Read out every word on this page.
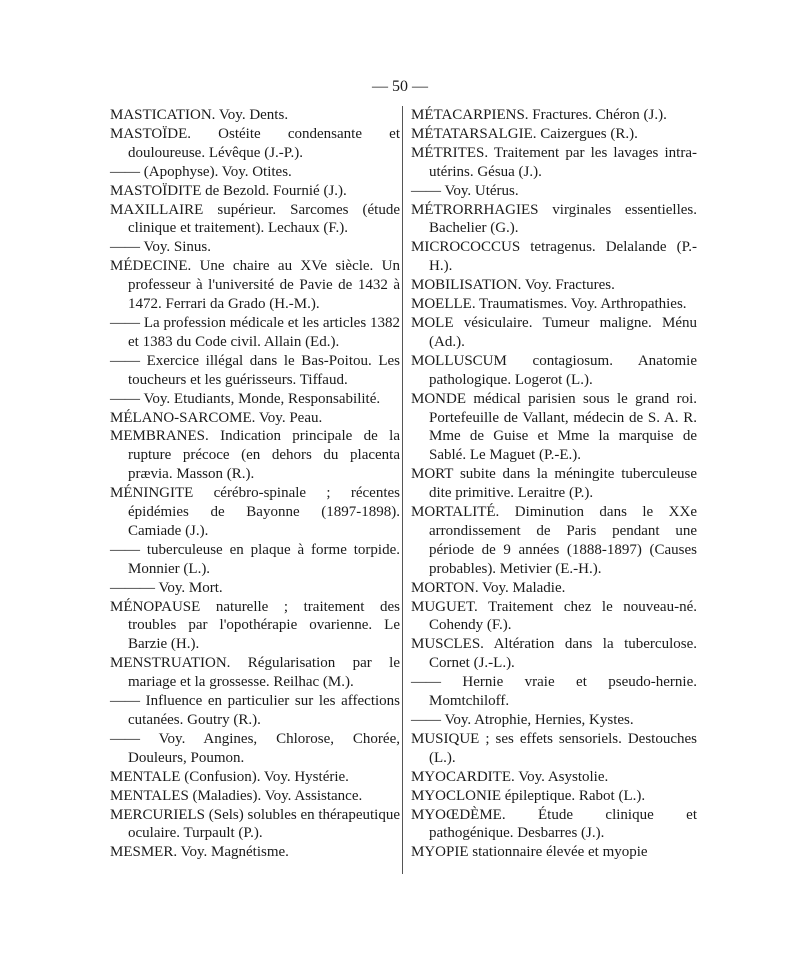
— 50 —
MASTICATION. Voy. Dents.
MASTOÏDE. Ostéite condensante et douloureuse. Lévêque (J.-P.).
—— (Apophyse). Voy. Otites.
MASTOÏDITE de Bezold. Fournié (J.).
MAXILLAIRE supérieur. Sarcomes (étude clinique et traitement). Lechaux (F.).
—— Voy. Sinus.
MÉDECINE. Une chaire au XVe siècle. Un professeur à l'université de Pavie de 1432 à 1472. Ferrari da Grado (H.-M.).
—— La profession médicale et les articles 1382 et 1383 du Code civil. Allain (Ed.).
—— Exercice illégal dans le Bas-Poitou. Les toucheurs et les guérisseurs. Tiffaud.
—— Voy. Etudiants, Monde, Responsabilité.
MÉLANO-SARCOME. Voy. Peau.
MEMBRANES. Indication principale de la rupture précoce (en dehors du placenta prævia. Masson (R.).
MÉNINGITE cérébro-spinale ; récentes épidémies de Bayonne (1897-1898). Camiade (J.).
—— tuberculeuse en plaque à forme torpide. Monnier (L.).
——— Voy. Mort.
MÉNOPAUSE naturelle ; traitement des troubles par l'opothérapie ovarienne. Le Barzie (H.).
MENSTRUATION. Régularisation par le mariage et la grossesse. Reilhac (M.).
—— Influence en particulier sur les affections cutanées. Goutry (R.).
—— Voy. Angines, Chlorose, Chorée, Douleurs, Poumon.
MENTALE (Confusion). Voy. Hystérie.
MENTALES (Maladies). Voy. Assistance.
MERCURIELS (Sels) solubles en thérapeutique oculaire. Turpault (P.).
MESMER. Voy. Magnétisme.
MÉTACARPIENS. Fractures. Chéron (J.).
MÉTATARSALGIE. Caizergues (R.).
MÉTRITES. Traitement par les lavages intra-utérins. Gésua (J.).
—— Voy. Utérus.
MÉTRORRHAGIES virginales essentielles. Bachelier (G.).
MICROCOCCUS tetragenus. Delalande (P.-H.).
MOBILISATION. Voy. Fractures.
MOELLE. Traumatismes. Voy. Arthropathies.
MOLE vésiculaire. Tumeur maligne. Ménu (Ad.).
MOLLUSCUM contagiosum. Anatomie pathologique. Logerot (L.).
MONDE médical parisien sous le grand roi. Portefeuille de Vallant, médecin de S. A. R. Mme de Guise et Mme la marquise de Sablé. Le Maguet (P.-E.).
MORT subite dans la méningite tuberculeuse dite primitive. Leraitre (P.).
MORTALITÉ. Diminution dans le XXe arrondissement de Paris pendant une période de 9 années (1888-1897) (Causes probables). Metivier (E.-H.).
MORTON. Voy. Maladie.
MUGUET. Traitement chez le nouveau-né. Cohendy (F.).
MUSCLES. Altération dans la tuberculose. Cornet (J.-L.).
—— Hernie vraie et pseudo-hernie. Momtchiloff.
—— Voy. Atrophie, Hernies, Kystes.
MUSIQUE ; ses effets sensoriels. Destouches (L.).
MYOCARDITE. Voy. Asystolie.
MYOCLONIE épileptique. Rabot (L.).
MYOŒDÈME. Étude clinique et pathogénique. Desbarres (J.).
MYOPIE stationnaire élevée et myopie
